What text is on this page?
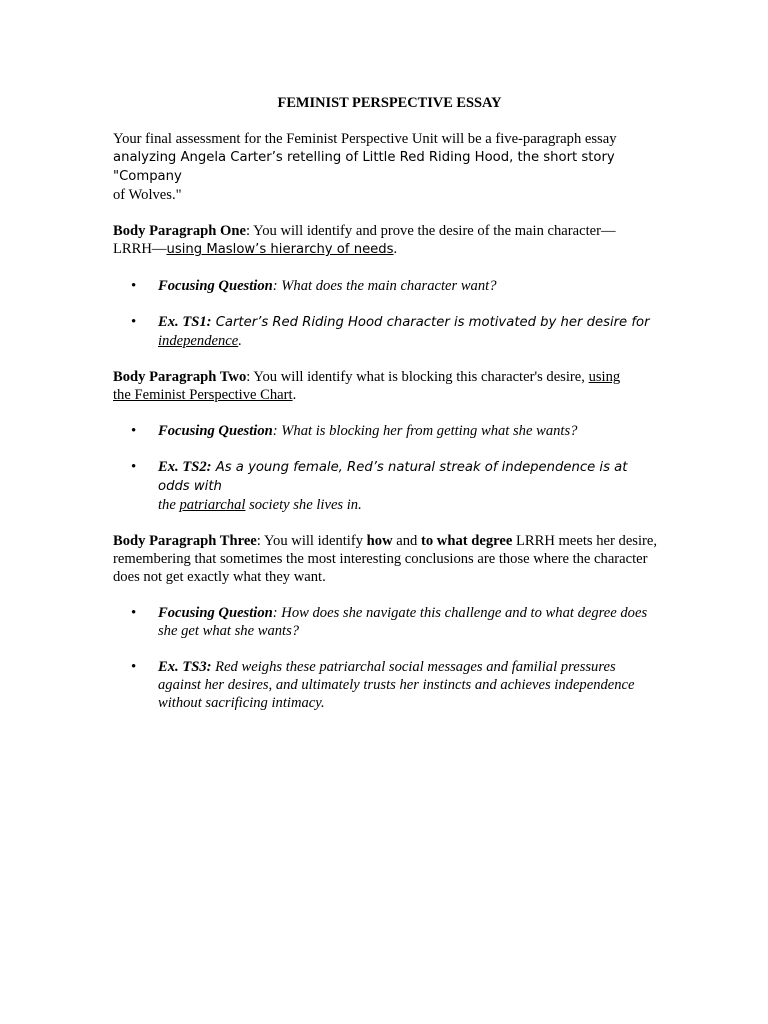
FEMINIST PERSPECTIVE ESSAY

Your final assessment for the Feminist Perspective Unit will be a five-paragraph essay
analyzing Angela Carter’s retelling of Little Red Riding Hood, the short story "Company
of Wolves."

Body Paragraph One: You will identify and prove the desire of the main character—
LRRH—using Maslow’s hierarchy of needs.

• Focusing Question: What does the main character want?
• Ex. TS1: Carter’s Red Riding Hood character is motivated by her desire for
independence.

Body Paragraph Two: You will identify what is blocking this character's desire, using
the Feminist Perspective Chart.

• Focusing Question: What is blocking her from getting what she wants?
• Ex. TS2: As a young female, Red’s natural streak of independence is at odds with
the patriarchal society she lives in.

Body Paragraph Three: You will identify how and to what degree LRRH meets her desire, remembering that sometimes the most interesting conclusions are those where the character does not get exactly what they want.

• Focusing Question: How does she navigate this challenge and to what degree does she get what she wants?
• Ex. TS3: Red weighs these patriarchal social messages and familial pressures against her desires, and ultimately trusts her instincts and achieves independence without sacrificing intimacy.
